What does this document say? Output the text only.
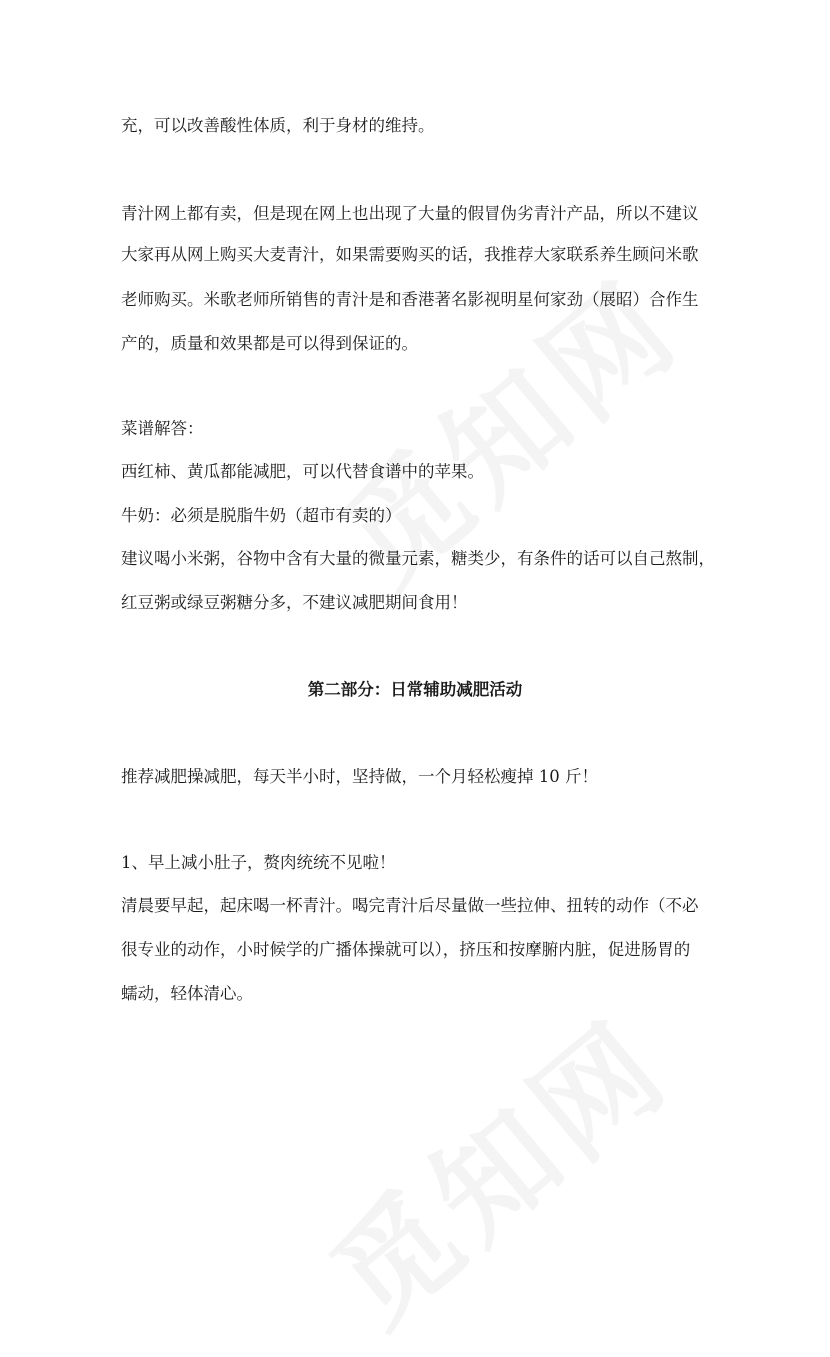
充，可以改善酸性体质，利于身材的维持。
青汁网上都有卖，但是现在网上也出现了大量的假冒伪劣青汁产品，所以不建议
大家再从网上购买大麦青汁，如果需要购买的话，我推荐大家联系养生顾问米歌
老师购买。米歌老师所销售的青汁是和香港著名影视明星何家劲（展昭）合作生
产的，质量和效果都是可以得到保证的。
菜谱解答：
西红柿、黄瓜都能减肥，可以代替食谱中的苹果。
牛奶：必须是脱脂牛奶（超市有卖的）
建议喝小米粥，谷物中含有大量的微量元素，糖类少，有条件的话可以自己熬制，
红豆粥或绿豆粥糖分多，不建议减肥期间食用！
第二部分：日常辅助减肥活动
推荐减肥操减肥，每天半小时，坚持做，一个月轻松瘦掉 10 斤！
1、早上减小肚子，赘肉统统不见啦！
清晨要早起，起床喝一杯青汁。喝完青汁后尽量做一些拉伸、扭转的动作（不必
很专业的动作，小时候学的广播体操就可以），挤压和按摩腑内脏，促进肠胃的
蠕动，轻体清心。
